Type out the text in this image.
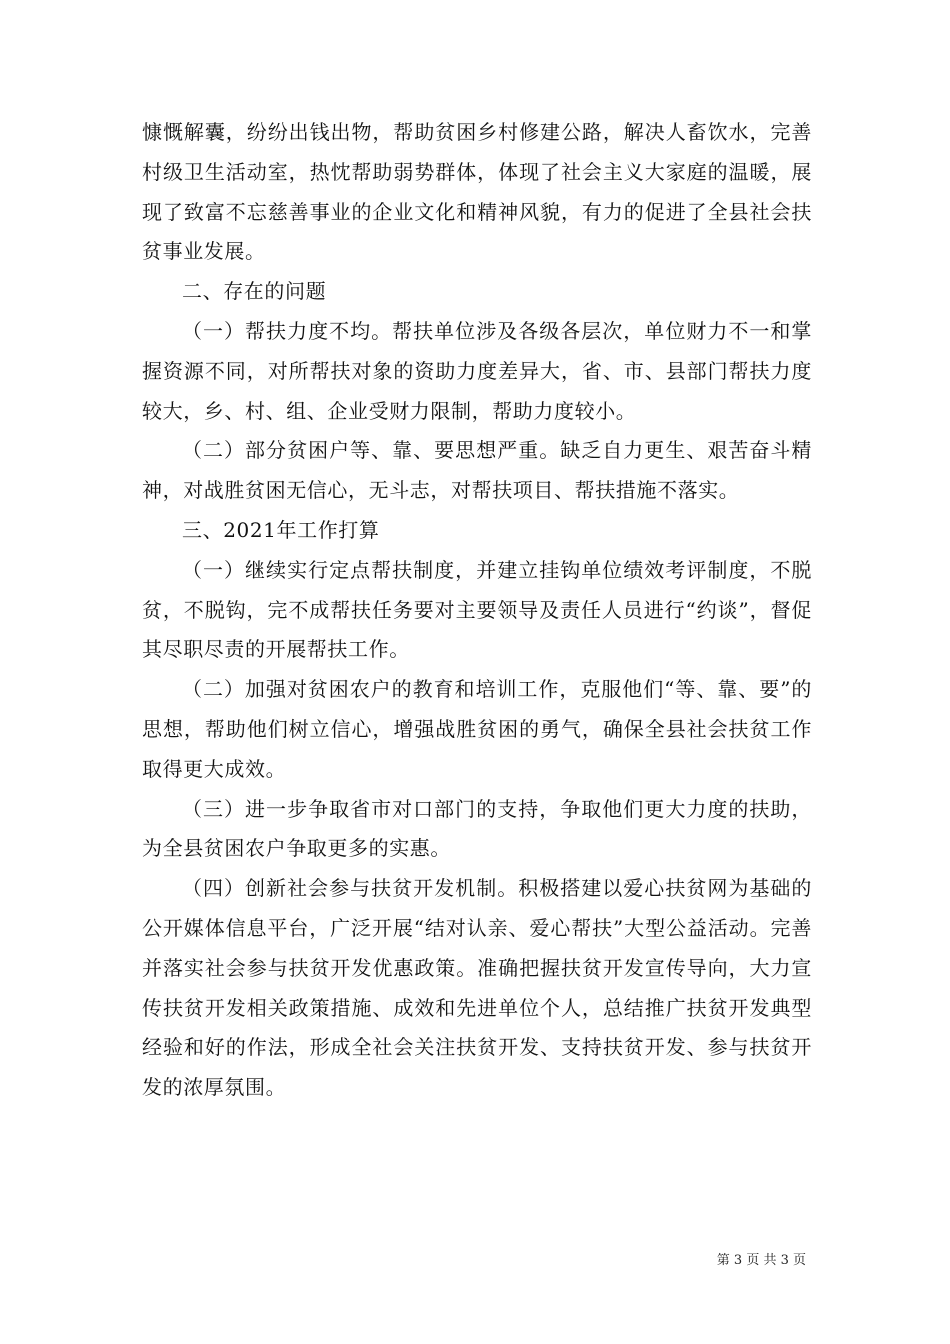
慷慨解囊，纷纷出钱出物，帮助贫困乡村修建公路，解决人畜饮水，完善村级卫生活动室，热忱帮助弱势群体，体现了社会主义大家庭的温暖，展现了致富不忘慈善事业的企业文化和精神风貌，有力的促进了全县社会扶贫事业发展。

二、存在的问题

（一）帮扶力度不均。帮扶单位涉及各级各层次，单位财力不一和掌握资源不同，对所帮扶对象的资助力度差异大，省、市、县部门帮扶力度较大，乡、村、组、企业受财力限制，帮助力度较小。

（二）部分贫困户等、靠、要思想严重。缺乏自力更生、艰苦奋斗精神，对战胜贫困无信心，无斗志，对帮扶项目、帮扶措施不落实。

三、2021年工作打算

（一）继续实行定点帮扶制度，并建立挂钩单位绩效考评制度，不脱贫，不脱钩，完不成帮扶任务要对主要领导及责任人员进行“约谈”，督促其尽职尽责的开展帮扶工作。

（二）加强对贫困农户的教育和培训工作，克服他们“等、靠、要”的思想，帮助他们树立信心，增强战胜贫困的勇气，确保全县社会扶贫工作取得更大成效。

（三）进一步争取省市对口部门的支持，争取他们更大力度的扶助，为全县贫困农户争取更多的实惠。

（四）创新社会参与扶贫开发机制。积极搭建以爱心扶贫网为基础的公开媒体信息平台，广泛开展“结对认亲、爱心帮扶”大型公益活动。完善并落实社会参与扶贫开发优惠政策。准确把握扶贫开发宣传导向，大力宣传扶贫开发相关政策措施、成效和先进单位个人，总结推广扶贫开发典型经验和好的作法，形成全社会关注扶贫开发、支持扶贫开发、参与扶贫开发的浓厚氛围。

第 3 页 共 3 页
